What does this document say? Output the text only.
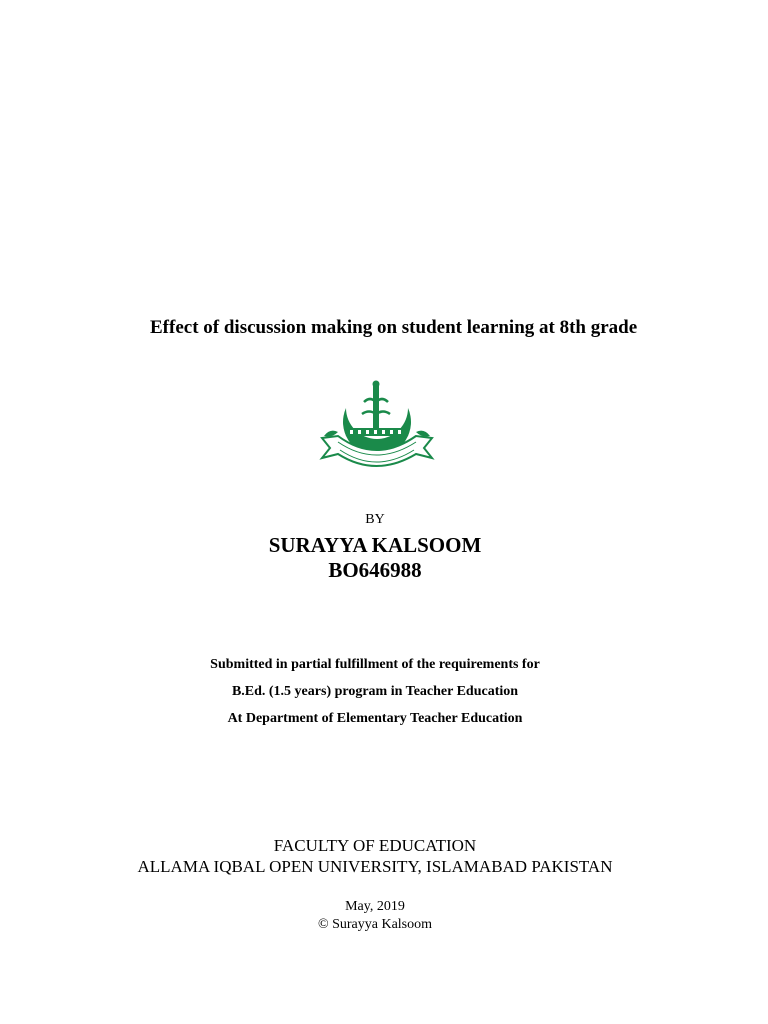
Effect of discussion making on student learning at 8th grade
BY
SURAYYA KALSOOM
BO646988
Submitted in partial fulfillment of the requirements for
B.Ed. (1.5 years) program in Teacher Education
At Department of Elementary Teacher Education
FACULTY OF EDUCATION
ALLAMA IQBAL OPEN UNIVERSITY, ISLAMABAD PAKISTAN
May, 2019
© Surayya Kalsoom
